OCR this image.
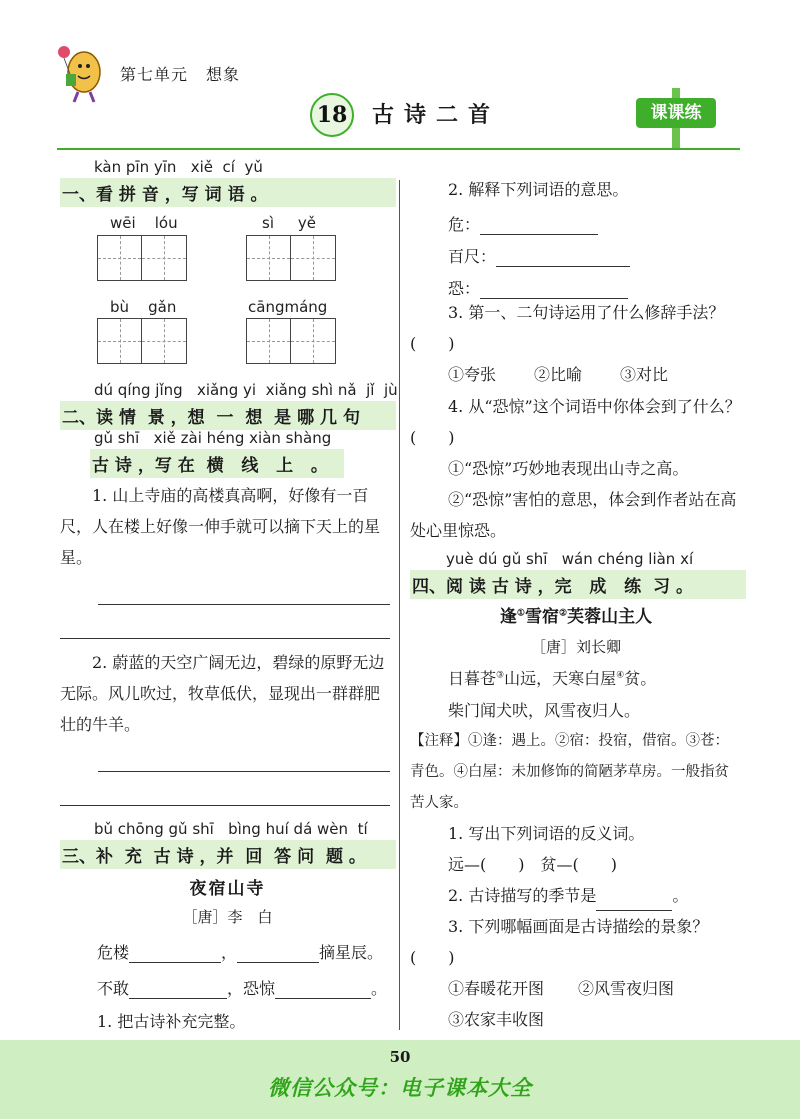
第七单元 想象
18	古诗二首	课课练
kàn pīn yīn   xiě  cí  yǔ
一、看 拼 音 ，写 词 语 。
wēi    lóu	sì     yě
bù    gǎn	cāngmáng
dú qíng jǐng   xiǎng yi  xiǎng shì nǎ  jǐ  jù
二、读 情  景 ，想  一  想  是 哪 几 句
gǔ shī   xiě zài héng xiàn shàng
古 诗 ，写 在  横   线   上   。
1. 山上寺庙的高楼真高啊，好像有一百尺，人在楼上好像一伸手就可以摘下天上的星星。
2. 蔚蓝的天空广阔无边，碧绿的原野无边无际。风儿吹过，牧草低伏，显现出一群群肥壮的牛羊。
bǔ chōng gǔ shī   bìng huí dá wèn  tí
三、补  充  古 诗 ，并  回  答 问  题 。
夜宿山寺
［唐］李　白
危楼	，	摘星辰。
不敢	，恐惊	。
1. 把古诗补充完整。
2. 解释下列词语的意思。
危：
百尺：
恐：
3. 第一、二句诗运用了什么修辞手法？(　　)
①夸张 ②比喻 ③对比
4. 从“恐惊”这个词语中你体会到了什么？(　　)
①“恐惊”巧妙地表现出山寺之高。
②“恐惊”害怕的意思，体会到作者站在高处心里惊恐。
yuè dú gǔ shī   wán chéng liàn xí
四、阅 读 古 诗 ，完   成   练  习 。
逢①雪宿②芙蓉山主人
［唐］刘长卿
日暮苍③山远，天寒白屋④贫。
柴门闻犬吠，风雪夜归人。
【注释】①逢：遇上。②宿：投宿，借宿。③苍：青色。④白屋：未加修饰的简陋茅草房。一般指贫苦人家。
1. 写出下列词语的反义词。
远—(　　)　贫—(　　)
2. 古诗描写的季节是	。
3. 下列哪幅画面是古诗描绘的景象？(　　)
①春暖花开图 ②风雪夜归图
③农家丰收图
50
微信公众号：电子课本大全
